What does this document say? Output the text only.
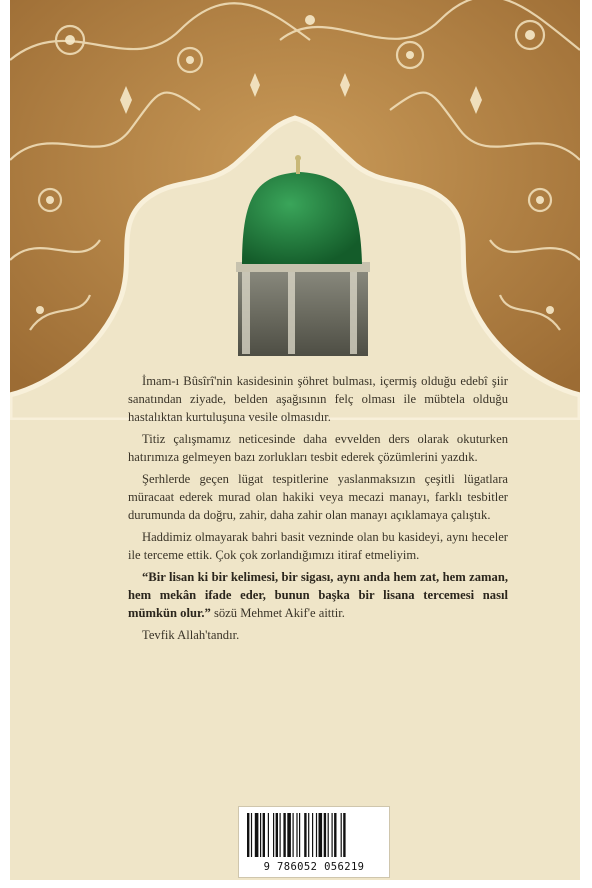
İmam-ı Bûsîrî'nin kasidesinin şöhret bulması, içermiş olduğu edebî şiir sanatından ziyade, belden aşağısının felç olması ile mübtela olduğu hastalıktan kurtuluşuna vesile olmasıdır.

Titiz çalışmamız neticesinde daha evvelden ders olarak okuturken hatırımıza gelmeyen bazı zorlukları tesbit ederek çözümlerini yazdık.

Şerhlerde geçen lügat tespitlerine yaslanmaksızın çeşitli lügatlara müracaat ederek murad olan hakiki veya mecazi manayı, farklı tesbitler durumunda da doğru, zahir, daha zahir olan manayı açıklamaya çalıştık.

Haddimiz olmayarak bahri basit vezninde olan bu kasideyi, aynı heceler ile terceme ettik. Çok çok zorlandığımızı itiraf etmeliyim.

“Bir lisan ki bir kelimesi, bir sigası, aynı anda hem zat, hem zaman, hem mekân ifade eder, bunun başka bir lisana tercemesi nasıl mümkün olur.” sözü Mehmet Akif'e aittir.

Tevfik Allah'tandır.

9 786052 056219
